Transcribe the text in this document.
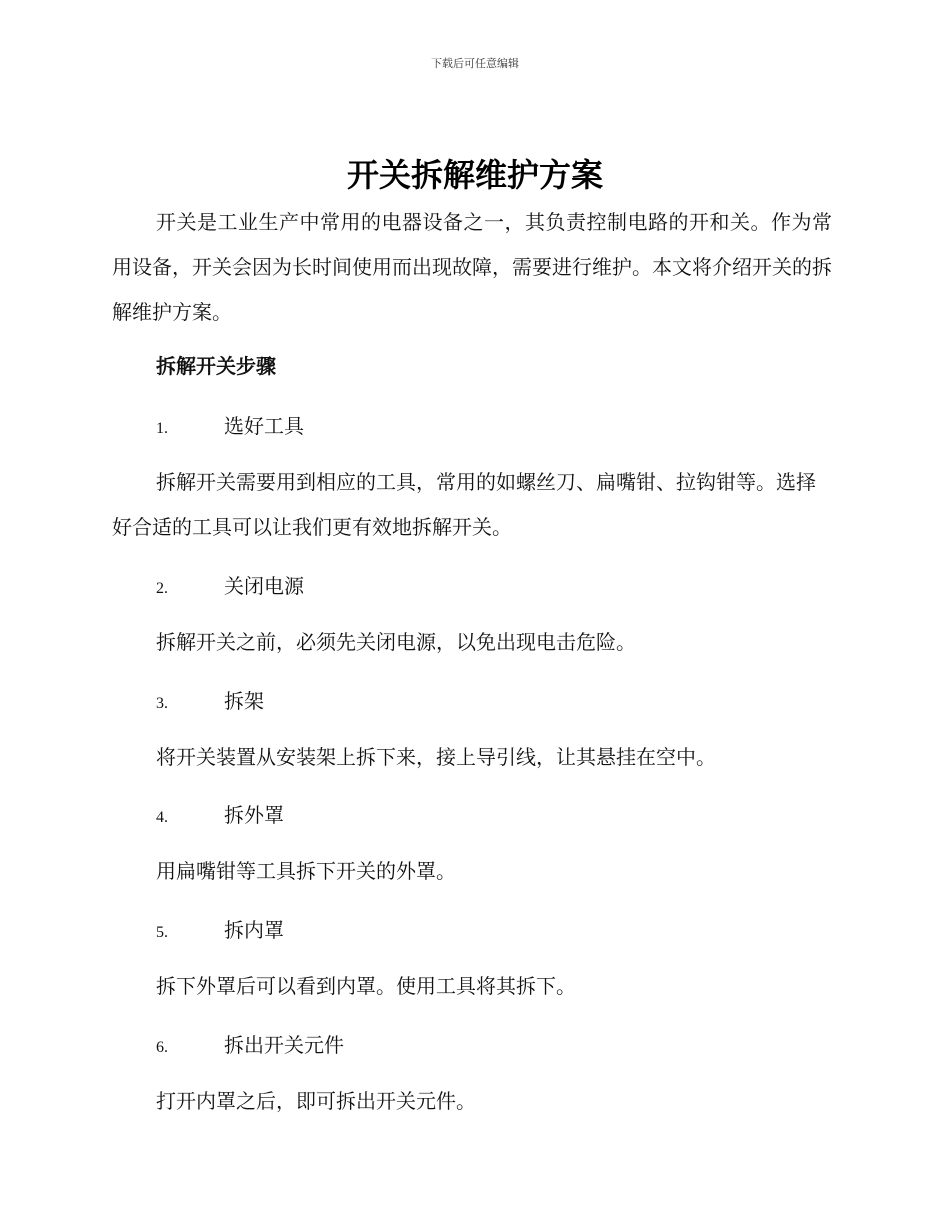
下载后可任意编辑
开关拆解维护方案
开关是工业生产中常用的电器设备之一，其负责控制电路的开和关。作为常用设备，开关会因为长时间使用而出现故障，需要进行维护。本文将介绍开关的拆解维护方案。
拆解开关步骤
1.	选好工具
拆解开关需要用到相应的工具，常用的如螺丝刀、扁嘴钳、拉钩钳等。选择好合适的工具可以让我们更有效地拆解开关。
2.	关闭电源
拆解开关之前，必须先关闭电源，以免出现电击危险。
3.	拆架
将开关装置从安装架上拆下来，接上导引线，让其悬挂在空中。
4.	拆外罩
用扁嘴钳等工具拆下开关的外罩。
5.	拆内罩
拆下外罩后可以看到内罩。使用工具将其拆下。
6.	拆出开关元件
打开内罩之后，即可拆出开关元件。
